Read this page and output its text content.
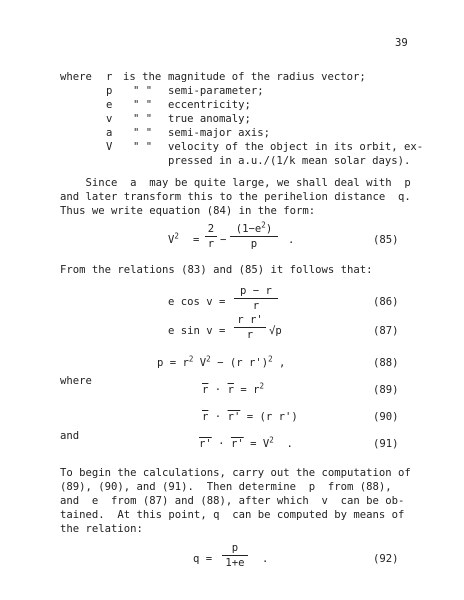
39
where r is the magnitude of the radius vector;
p " " semi-parameter;
e " " eccentricity;
v " " true anomaly;
a " " semi-major axis;
V " " velocity of the object in its orbit, ex-
pressed in a.u./(1/k mean solar days).
Since  a  may be quite large, we shall deal with  p
and later transform this to the perihelion distance  q.
Thus we write equation (84) in the form:
$V^2 = \frac{2}{r} - \frac{(1-e^2)}{p}$ .	(85)
From the relations (83) and (85) it follows that:
e $\cos v = \frac{p - r}{r}$	(86)
e $\sin v = \frac{\text{r r'}}{r} √p$	(87)
$p = r^2$ $V^2 - (r$ r')$^2$ ,	(88)
where
$\overline{r} \cdot \overline{r} = r^2$	(89)
$\overline{r} \cdot r' = (r$ r')	(90)
and
$r' \cdot r' = V^2$ .	(91)
To begin the calculations, carry out the computation of
(89), (90), and (91).  Then determine  p  from (88),
and  e  from (87) and (88), after which  v  can be ob-
tained.  At this point, q  can be computed by means of
the relation:
$q = \frac{p}{1+e}$ .	(92)
